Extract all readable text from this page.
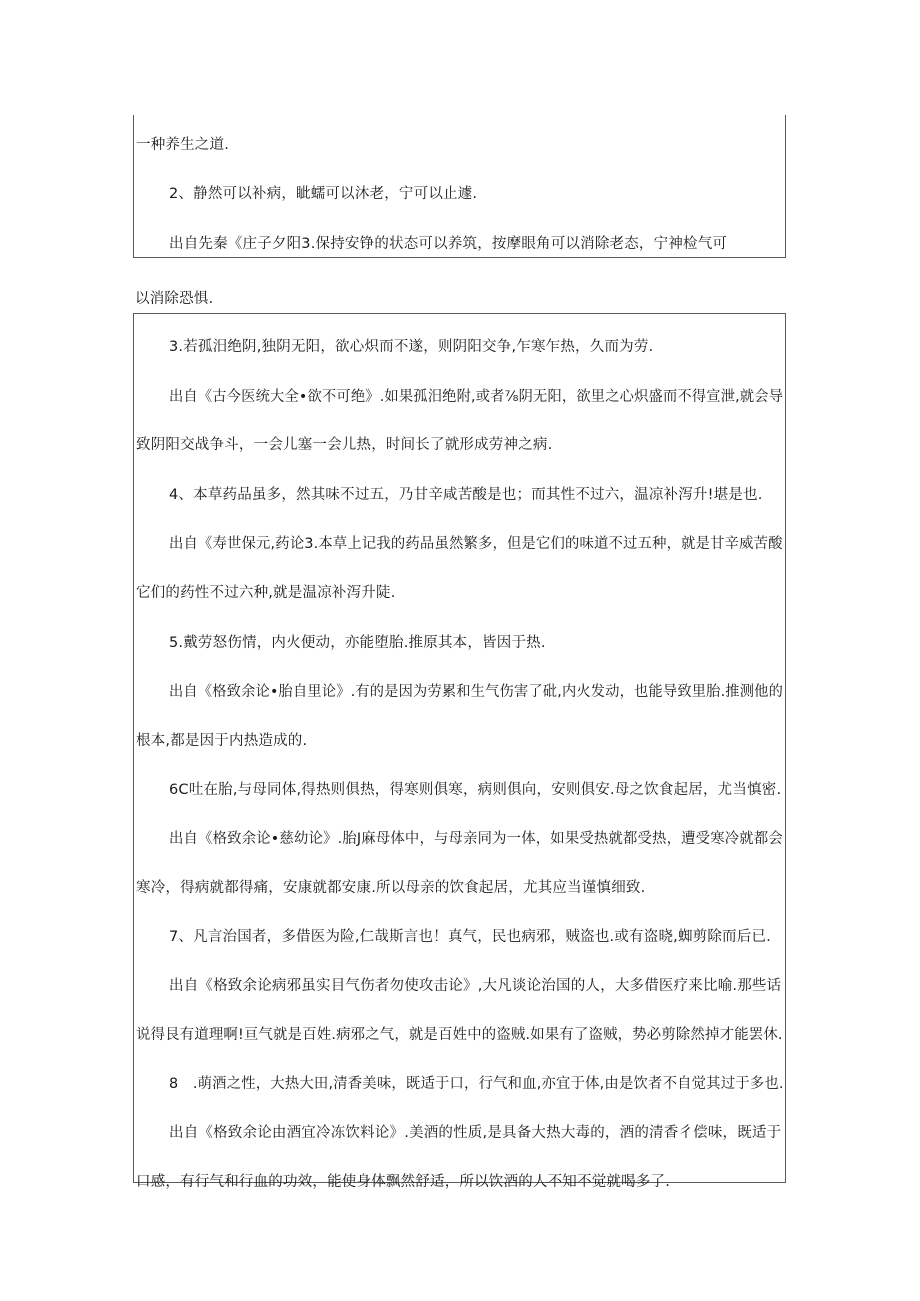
一种养生之道.
2、静然可以补病，眦蠕可以沐老，宁可以止遽.
出自先秦《庄子夕阳3.保持安铮的状态可以养筑，按摩眼角可以消除老态，宁神检气可
以消除恐惧.
3.若孤汨绝阴,独阴无阳，欲心炽而不遂，则阴阳交争,乍寒乍热，久而为劳.
出自《古今医统大全•欲不可绝》.如果孤汨绝附,或者⅞阴无阳，欲里之心炽盛而不得宣泄,就会导
致阴阳交战争斗，一会儿塞一会儿热，时间长了就形成劳神之病.
4、本草药品虽多，然其味不过五，乃甘辛咸苦酸是也；而其性不过六，温凉补泻升!堪是也.
出自《寿世保元,药论3.本草上记我的药品虽然繁多，但是它们的味道不过五种，就是甘辛威苦酸
它们的药性不过六种,就是温凉补泻升陡.
5.戴劳怒伤情，内火便动，亦能堕胎.推原其本，皆因于热.
出自《格致余论•胎自里论》.有的是因为劳累和生气伤害了砒,内火发动，也能导致里胎.推测他的
根本,都是因于内热造成的.
6C吐在胎,与母同体,得热则俱热，得寒则俱寒，病则俱向，安则俱安.母之饮食起居，尤当慎密.
出自《格致余论•慈幼论》.胎J麻母体中，与母亲同为一体，如果受热就都受热，遭受寒冷就都会
寒冷，得病就都得痛，安康就都安康.所以母亲的饮食起居，尤其应当谨慎细致.
7、凡言治国者，多借医为险,仁哉斯言也！真气，民也病邪，贼盗也.或有盗晓,蜘剪除而后已.
出自《格致余论病邪虽实目气伤者勿使攻击论》,大凡谈论治国的人，大多借医疗来比喻.那些话
说得艮有道理啊!亘气就是百姓.病邪之气，就是百姓中的盗贼.如果有了盗贼，势必剪除然掉才能罢休.
8　.萌酒之性，大热大田,清香美味，既适于口，行气和血,亦宜于体,由是饮者不自觉其过于多也.
出自《格致余论由酒宜冷冻饮料论》.美酒的性质,是具备大热大毒的，酒的清香彳偿味，既适于
口感，有行气和行血的功效，能使身体飘然舒适，所以饮酒的人不知不觉就喝多了.
